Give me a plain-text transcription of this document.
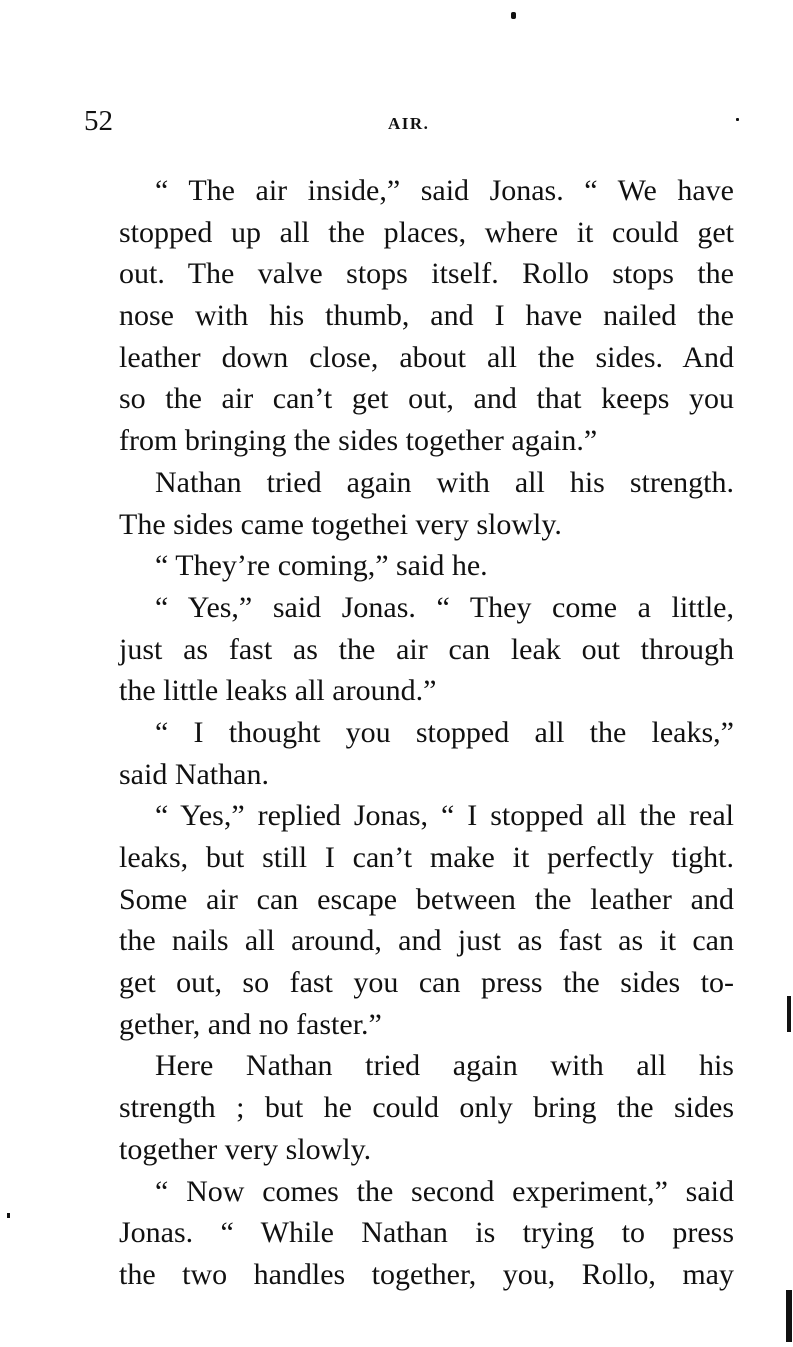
52	AIR.

“ The air inside,” said Jonas. “ We have
stopped up all the places, where it could get
out. The valve stops itself. Rollo stops the
nose with his thumb, and I have nailed the
leather down close, about all the sides. And
so the air can’t get out, and that keeps you
from bringing the sides together again.”

Nathan tried again with all his strength.
The sides came togethei very slowly.

“ They’re coming,” said he.

“ Yes,” said Jonas. “ They come a little,
just as fast as the air can leak out through
the little leaks all around.”

“ I thought you stopped all the leaks,”
said Nathan.

“ Yes,” replied Jonas, “ I stopped all the real
leaks, but still I can’t make it perfectly tight.
Some air can escape between the leather and
the nails all around, and just as fast as it can
get out, so fast you can press the sides to-
gether, and no faster.”

Here Nathan tried again with all his
strength ; but he could only bring the sides
together very slowly.

“ Now comes the second experiment,” said
Jonas. “ While Nathan is trying to press
the two handles together, you, Rollo, may
